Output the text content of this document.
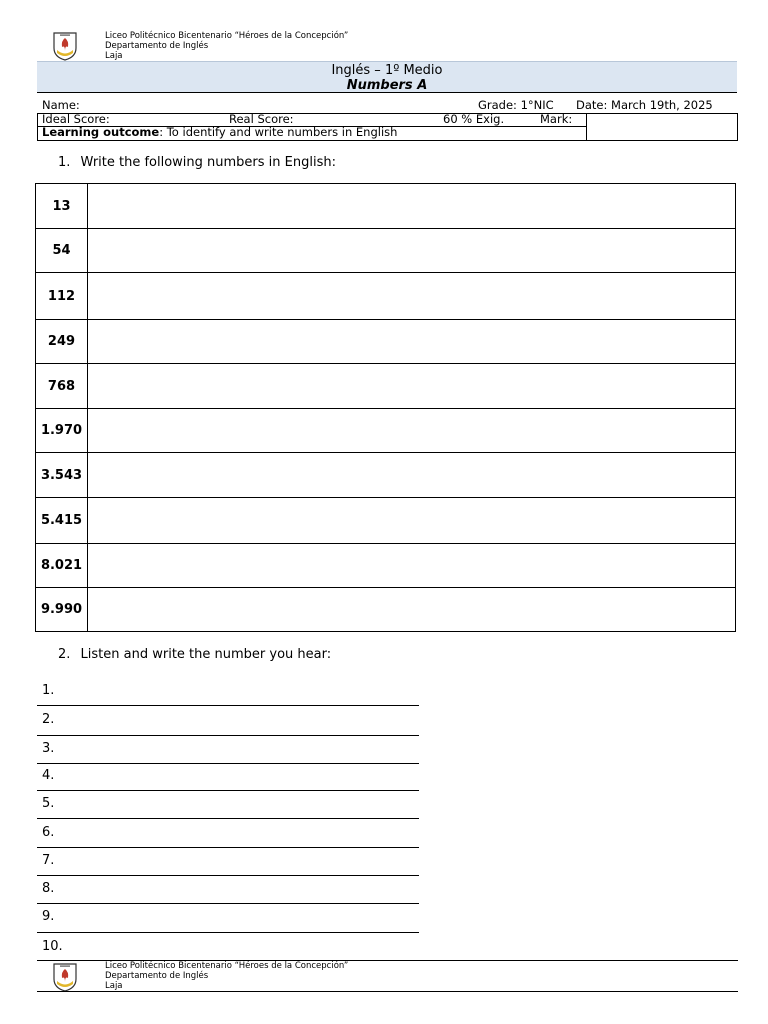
Liceo Politécnico Bicentenario “Héroes de la Concepción”
Departamento de Inglés
Laja
Inglés – 1º Medio
Numbers A
Name:	Grade: 1°NIC Date: March 19th, 2025
Ideal Score:	Real Score:	60 % Exig.	Mark:
Learning outcome: To identify and write numbers in English
1. Write the following numbers in English:
13	
54	
112	
249	
768	
1.970	
3.543	
5.415	
8.021	
9.990	
2. Listen and write the number you hear:
1.
2.
3.
4.
5.
6.
7.
8.
9.
10.
Liceo Politécnico Bicentenario “Héroes de la Concepción”
Departamento de Inglés
Laja
